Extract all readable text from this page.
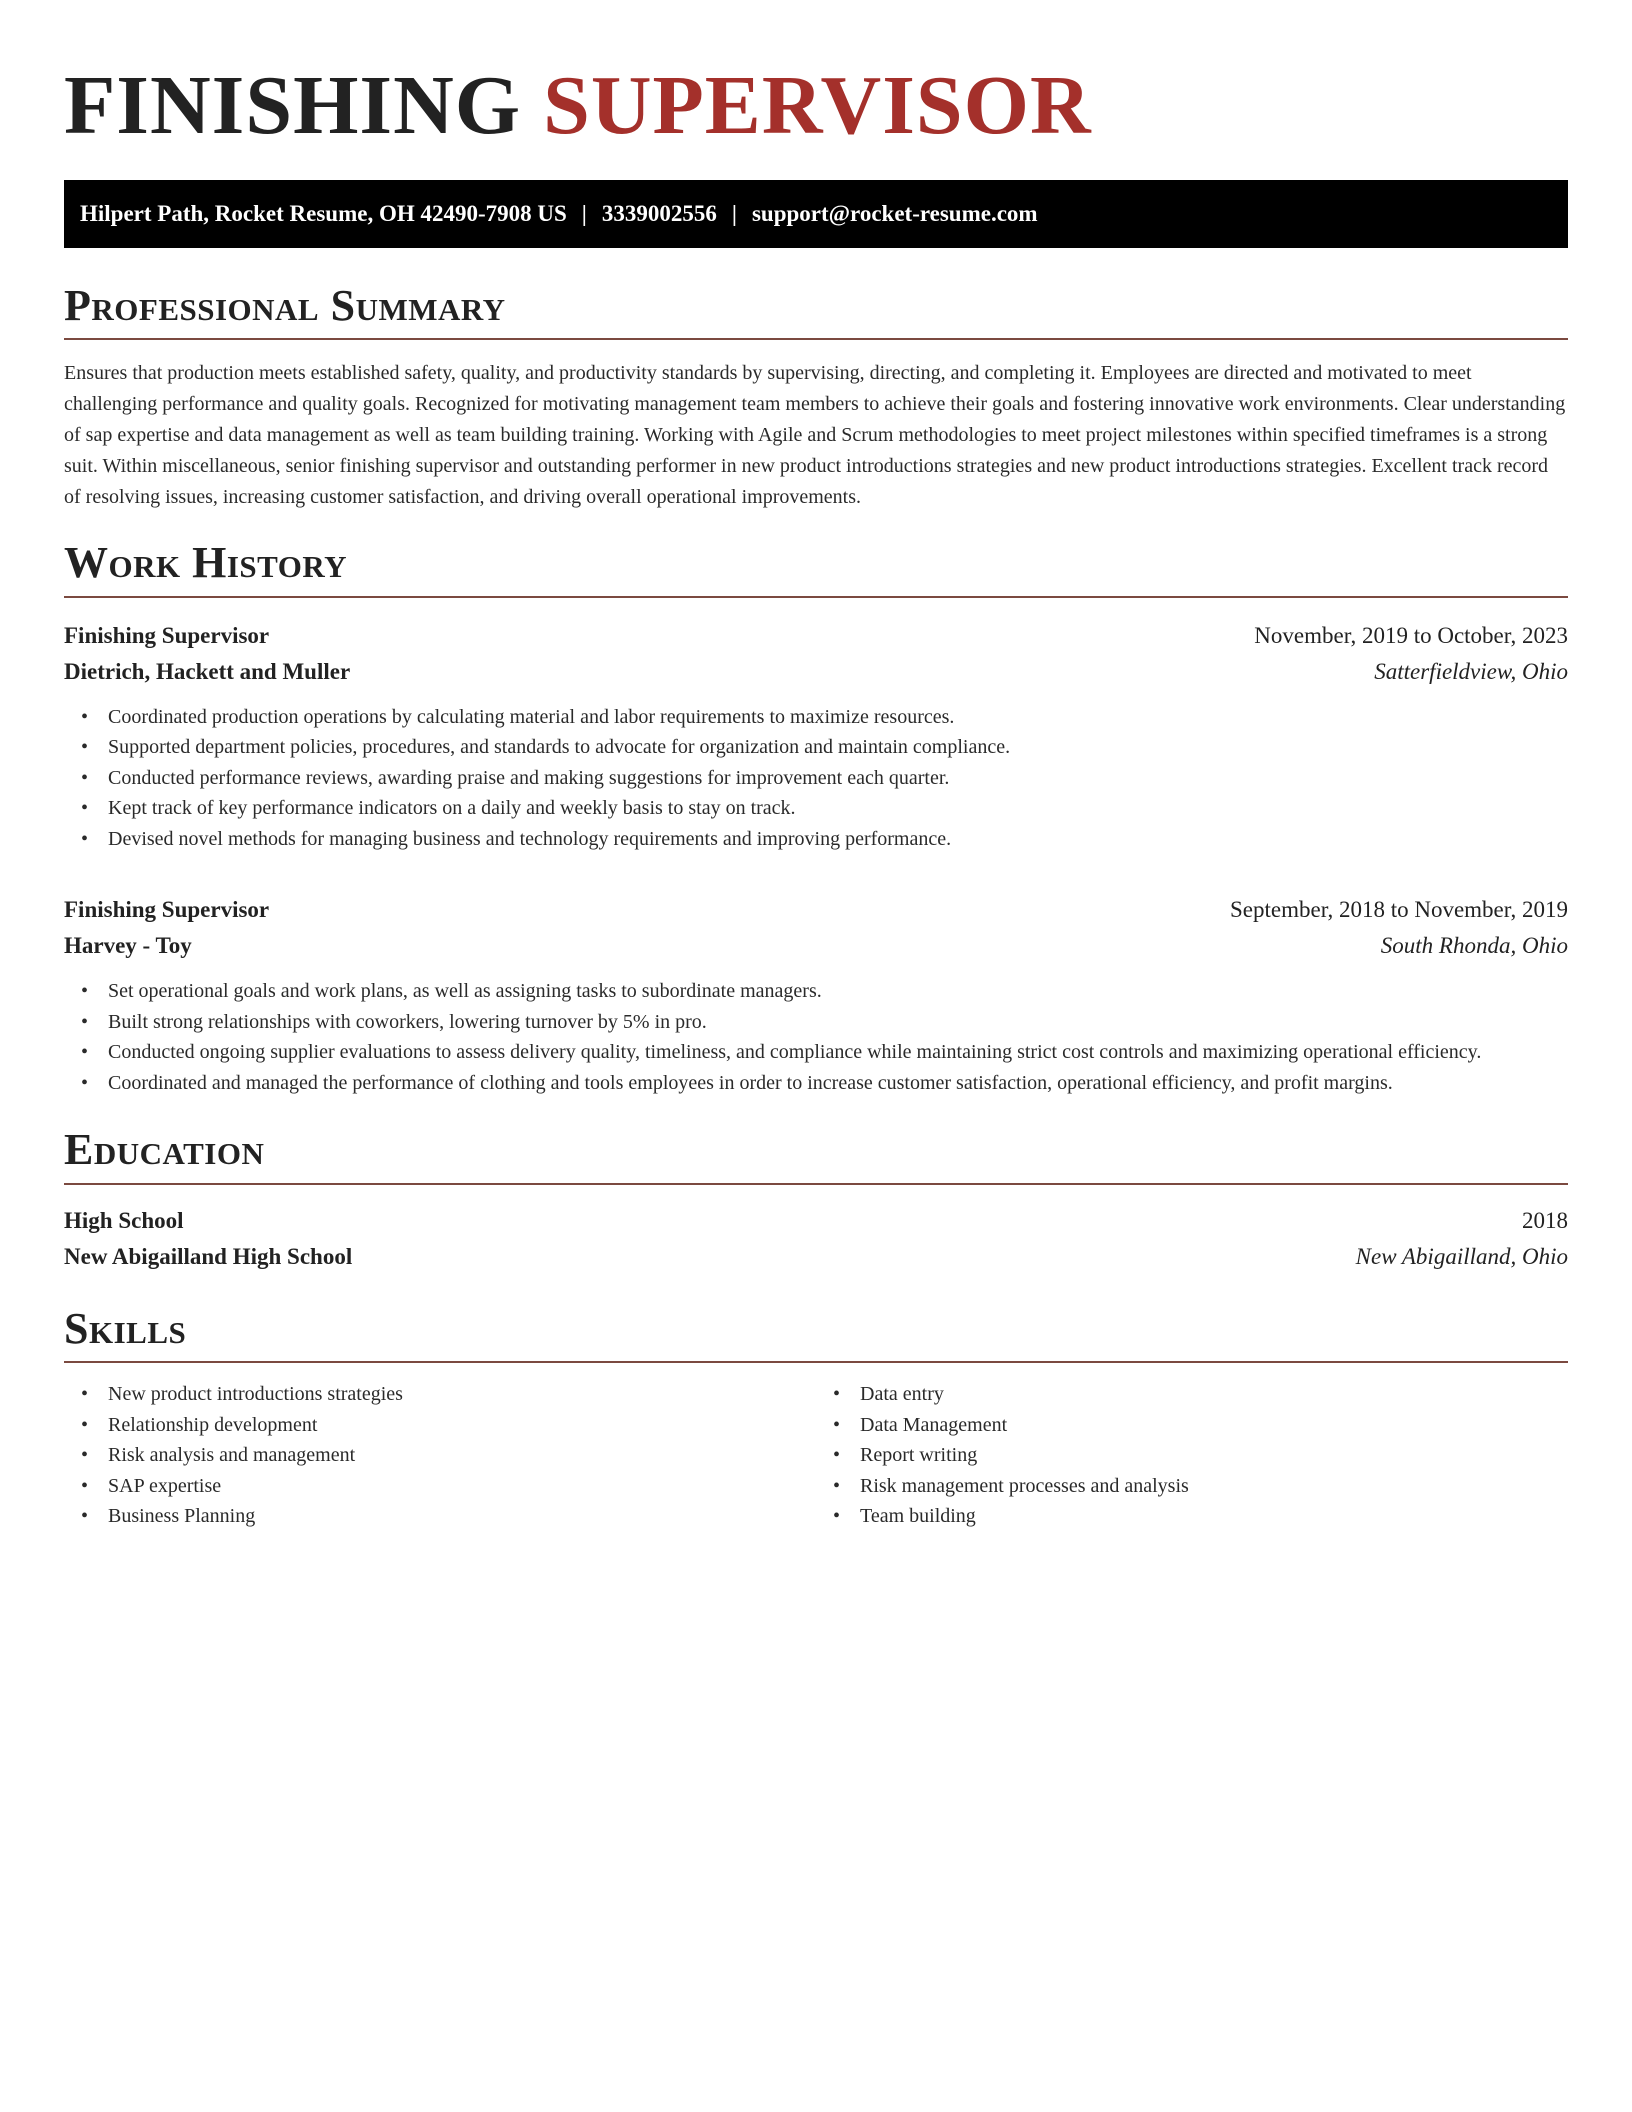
FINISHING SUPERVISOR
Hilpert Path, Rocket Resume, OH 42490-7908 US | 3339002556 | support@rocket-resume.com
Professional Summary

Ensures that production meets established safety, quality, and productivity standards by supervising, directing, and completing it. Employees are directed and motivated to meet challenging performance and quality goals. Recognized for motivating management team members to achieve their goals and fostering innovative work environments. Clear understanding of sap expertise and data management as well as team building training. Working with Agile and Scrum methodologies to meet project milestones within specified timeframes is a strong suit. Within miscellaneous, senior finishing supervisor and outstanding performer in new product introductions strategies and new product introductions strategies. Excellent track record of resolving issues, increasing customer satisfaction, and driving overall operational improvements.

Work History
Finishing Supervisor	November, 2019 to October, 2023
Dietrich, Hackett and Muller	Satterfieldview, Ohio
• Coordinated production operations by calculating material and labor requirements to maximize resources.
• Supported department policies, procedures, and standards to advocate for organization and maintain compliance.
• Conducted performance reviews, awarding praise and making suggestions for improvement each quarter.
• Kept track of key performance indicators on a daily and weekly basis to stay on track.
• Devised novel methods for managing business and technology requirements and improving performance.
Finishing Supervisor	September, 2018 to November, 2019
Harvey - Toy	South Rhonda, Ohio
• Set operational goals and work plans, as well as assigning tasks to subordinate managers.
• Built strong relationships with coworkers, lowering turnover by 5% in pro.
• Conducted ongoing supplier evaluations to assess delivery quality, timeliness, and compliance while maintaining strict cost controls and maximizing operational efficiency.
• Coordinated and managed the performance of clothing and tools employees in order to increase customer satisfaction, operational efficiency, and profit margins.
Education
High School	2018
New Abigailland High School	New Abigailland, Ohio
Skills
• New product introductions strategies
• Relationship development
• Risk analysis and management
• SAP expertise
• Business Planning
• Data entry
• Data Management
• Report writing
• Risk management processes and analysis
• Team building
